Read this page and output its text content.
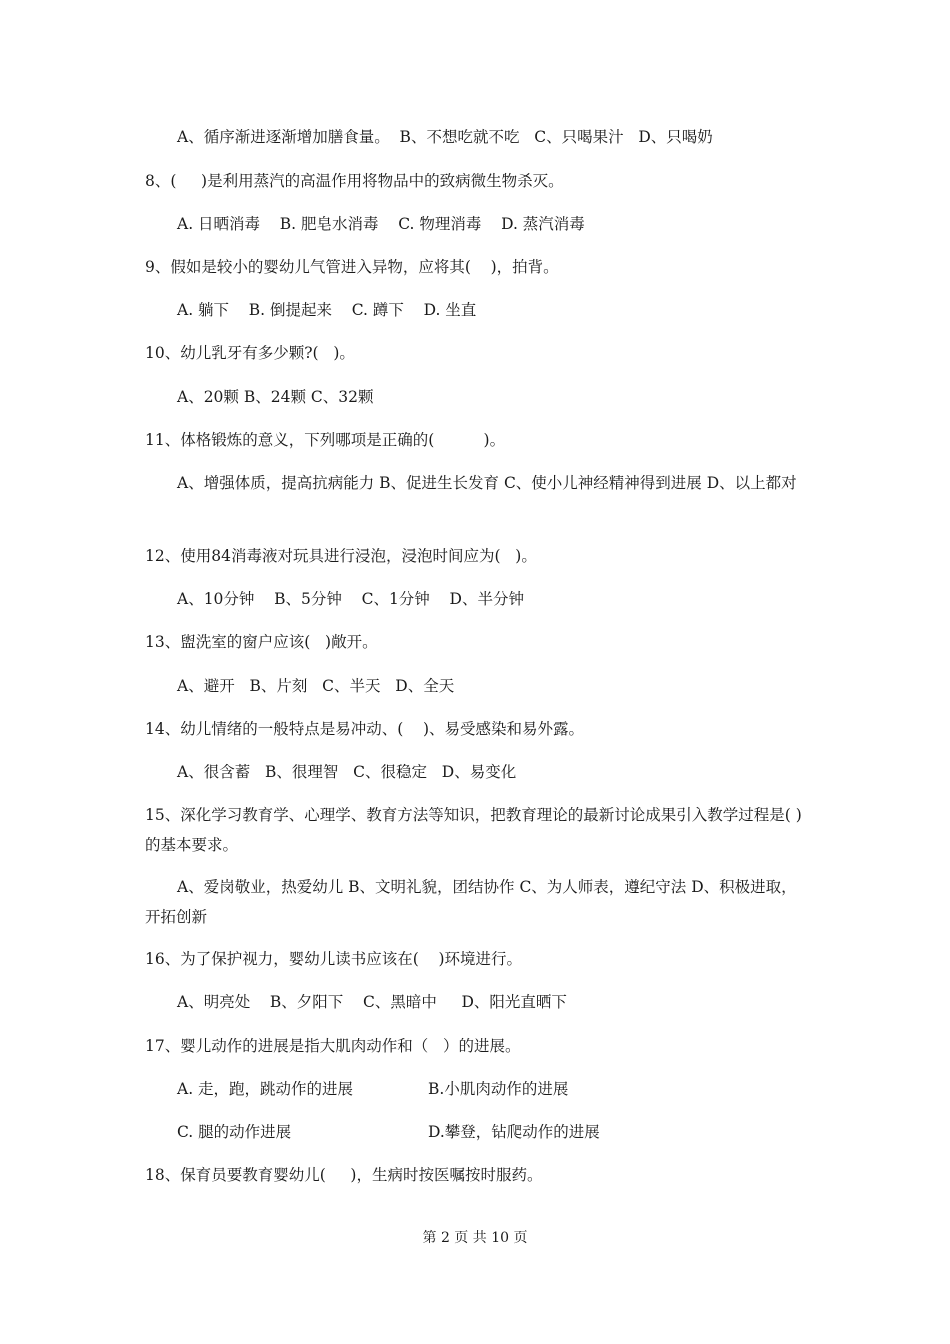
A、循序渐进逐渐增加膳食量。  B、不想吃就不吃   C、只喝果汁   D、只喝奶
8、(     )是利用蒸汽的高温作用将物品中的致病微生物杀灭。
A. 日晒消毒    B. 肥皂水消毒    C. 物理消毒    D. 蒸汽消毒
9、假如是较小的婴幼儿气管进入异物，应将其(    )，拍背。
A. 躺下    B. 倒提起来    C. 蹲下    D. 坐直
10、幼儿乳牙有多少颗?(   )。
A、20颗 B、24颗 C、32颗
11、体格锻炼的意义，下列哪项是正确的(          )。
A、增强体质，提高抗病能力 B、促进生长发育 C、使小儿神经精神得到进展 D、以上都对
12、使用84消毒液对玩具进行浸泡，浸泡时间应为(   )。
A、10分钟    B、5分钟    C、1分钟    D、半分钟
13、盥洗室的窗户应该(   )敞开。
A、避开   B、片刻   C、半天   D、全天
14、幼儿情绪的一般特点是易冲动、(    )、易受感染和易外露。
A、很含蓄   B、很理智   C、很稳定   D、易变化
15、深化学习教育学、心理学、教育方法等知识，把教育理论的最新讨论成果引入教学过程是( )的基本要求。
A、爱岗敬业，热爱幼儿 B、文明礼貌，团结协作 C、为人师表，遵纪守法 D、积极进取，开拓创新
16、为了保护视力，婴幼儿读书应该在(    )环境进行。
A、明亮处    B、夕阳下    C、黑暗中     D、阳光直晒下
17、婴儿动作的进展是指大肌肉动作和（   ）的进展。
A. 走，跑，跳动作的进展	B.小肌肉动作的进展
C. 腿的动作进展	D.攀登，钻爬动作的进展
18、保育员要教育婴幼儿(     )，生病时按医嘱按时服药。
第 2 页 共 10 页
